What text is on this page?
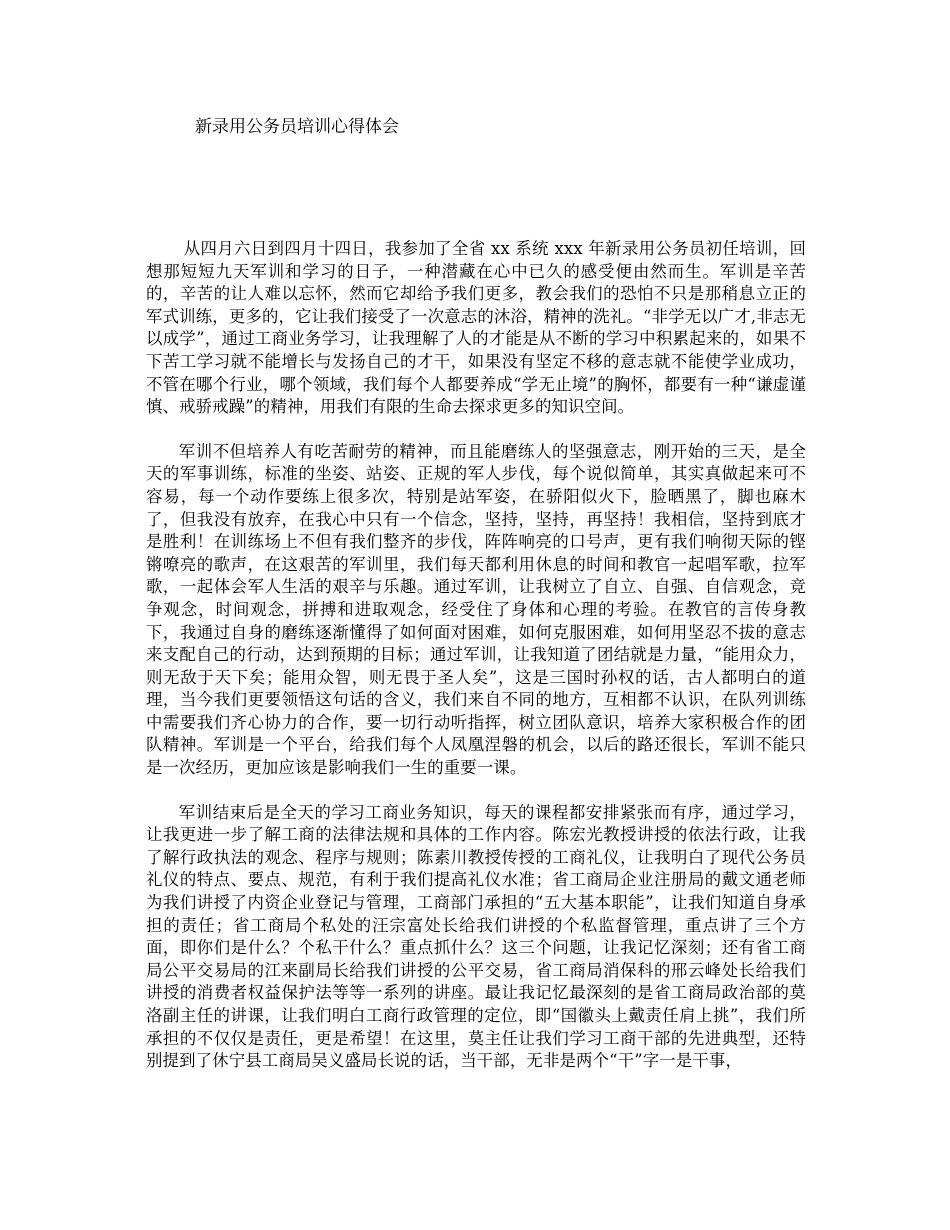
新录用公务员培训心得体会

从四月六日到四月十四日，我参加了全省 xx 系统 xxx 年新录用公务员初任培训，回想那短短九天军训和学习的日子，一种潜藏在心中已久的感受便由然而生。军训是辛苦的，辛苦的让人难以忘怀，然而它却给予我们更多，教会我们的恐怕不只是那稍息立正的军式训练，更多的，它让我们接受了一次意志的沐浴，精神的洗礼。“非学无以广才,非志无以成学”，通过工商业务学习，让我理解了人的才能是从不断的学习中积累起来的，如果不下苦工学习就不能增长与发扬自己的才干，如果没有坚定不移的意志就不能使学业成功，不管在哪个行业，哪个领域，我们每个人都要养成“学无止境”的胸怀，都要有一种“谦虚谨慎、戒骄戒躁”的精神，用我们有限的生命去探求更多的知识空间。

军训不但培养人有吃苦耐劳的精神，而且能磨练人的坚强意志，刚开始的三天，是全天的军事训练，标准的坐姿、站姿、正规的军人步伐，每个说似简单，其实真做起来可不容易，每一个动作要练上很多次，特别是站军姿，在骄阳似火下，脸晒黑了，脚也麻木了，但我没有放弃，在我心中只有一个信念，坚持，坚持，再坚持！我相信，坚持到底才是胜利！在训练场上不但有我们整齐的步伐，阵阵响亮的口号声，更有我们响彻天际的铿锵嘹亮的歌声，在这艰苦的军训里，我们每天都利用休息的时间和教官一起唱军歌，拉军歌，一起体会军人生活的艰辛与乐趣。通过军训，让我树立了自立、自强、自信观念，竞争观念，时间观念，拼搏和进取观念，经受住了身体和心理的考验。在教官的言传身教下，我通过自身的磨练逐渐懂得了如何面对困难，如何克服困难，如何用坚忍不拔的意志来支配自己的行动，达到预期的目标；通过军训，让我知道了团结就是力量，“能用众力，则无敌于天下矣；能用众智，则无畏于圣人矣”，这是三国时孙权的话，古人都明白的道理，当今我们更要领悟这句话的含义，我们来自不同的地方，互相都不认识，在队列训练中需要我们齐心协力的合作，要一切行动听指挥，树立团队意识，培养大家积极合作的团队精神。军训是一个平台，给我们每个人凤凰涅磐的机会，以后的路还很长，军训不能只是一次经历，更加应该是影响我们一生的重要一课。

军训结束后是全天的学习工商业务知识，每天的课程都安排紧张而有序，通过学习，让我更进一步了解工商的法律法规和具体的工作内容。陈宏光教授讲授的依法行政，让我了解行政执法的观念、程序与规则；陈素川教授传授的工商礼仪，让我明白了现代公务员礼仪的特点、要点、规范，有利于我们提高礼仪水准；省工商局企业注册局的戴文通老师为我们讲授了内资企业登记与管理，工商部门承担的“五大基本职能”，让我们知道自身承担的责任；省工商局个私处的汪宗富处长给我们讲授的个私监督管理，重点讲了三个方面，即你们是什么？个私干什么？重点抓什么？这三个问题，让我记忆深刻；还有省工商局公平交易局的江来副局长给我们讲授的公平交易，省工商局消保科的邢云峰处长给我们讲授的消费者权益保护法等等一系列的讲座。最让我记忆最深刻的是省工商局政治部的莫洛副主任的讲课，让我们明白工商行政管理的定位，即“国徽头上戴责任肩上挑”，我们所承担的不仅仅是责任，更是希望！在这里，莫主任让我们学习工商干部的先进典型，还特别提到了休宁县工商局吴义盛局长说的话，当干部，无非是两个“干”字一是干事，
